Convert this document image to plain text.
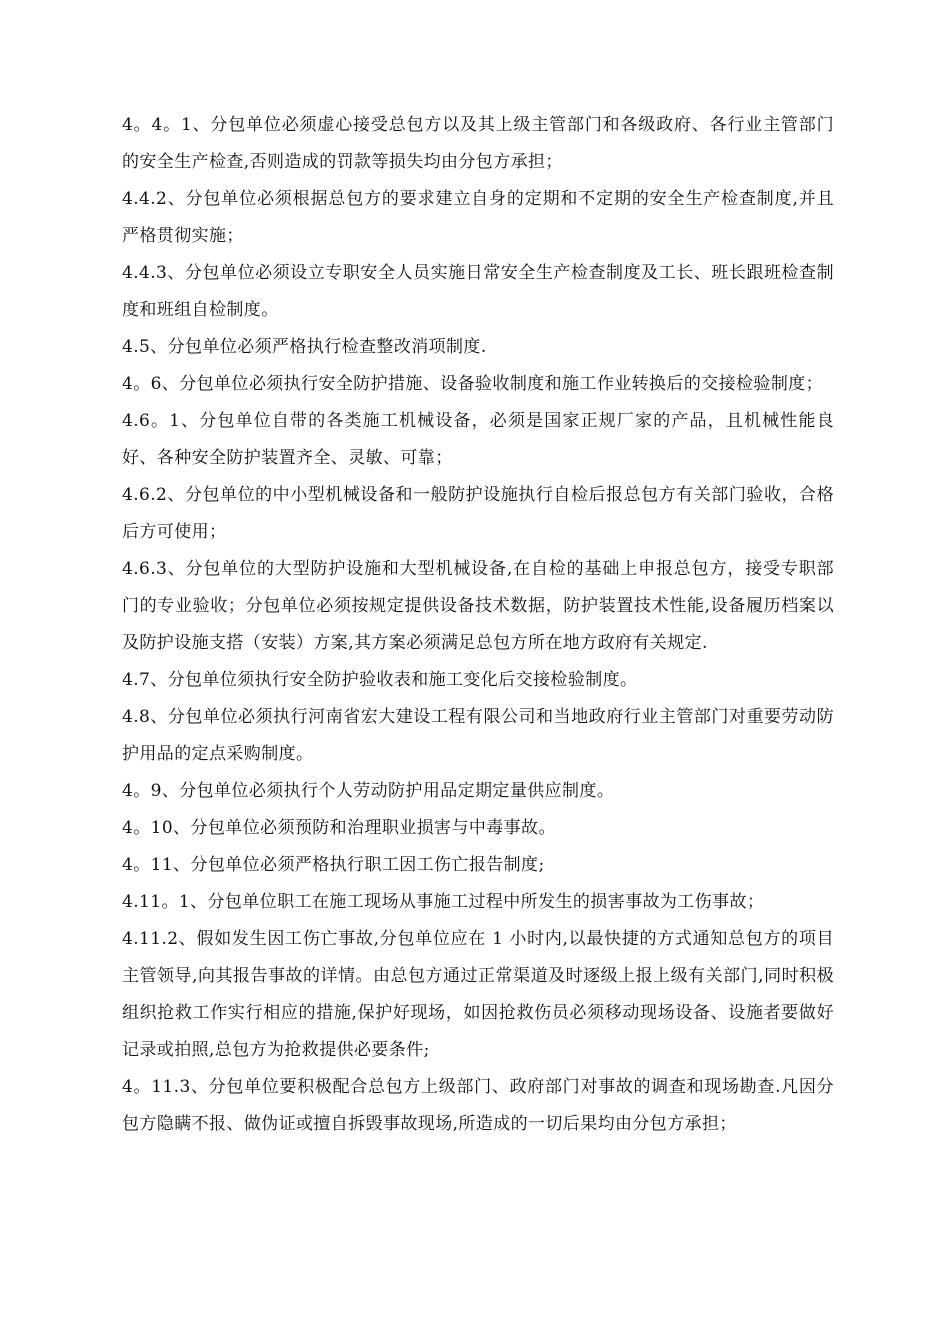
4。4。1、分包单位必须虚心接受总包方以及其上级主管部门和各级政府、各行业主管部门的安全生产检查,否则造成的罚款等损失均由分包方承担；

4.4.2、分包单位必须根据总包方的要求建立自身的定期和不定期的安全生产检查制度,并且严格贯彻实施；

4.4.3、分包单位必须设立专职安全人员实施日常安全生产检查制度及工长、班长跟班检查制度和班组自检制度。

4.5、分包单位必须严格执行检查整改消项制度.

4。6、分包单位必须执行安全防护措施、设备验收制度和施工作业转换后的交接检验制度；

4.6。1、分包单位自带的各类施工机械设备，必须是国家正规厂家的产品，且机械性能良好、各种安全防护装置齐全、灵敏、可靠；

4.6.2、分包单位的中小型机械设备和一般防护设施执行自检后报总包方有关部门验收，合格后方可使用；

4.6.3、分包单位的大型防护设施和大型机械设备,在自检的基础上申报总包方，接受专职部门的专业验收；分包单位必须按规定提供设备技术数据，防护装置技术性能,设备履历档案以及防护设施支搭（安装）方案,其方案必须满足总包方所在地方政府有关规定.

4.7、分包单位须执行安全防护验收表和施工变化后交接检验制度。

4.8、分包单位必须执行河南省宏大建设工程有限公司和当地政府行业主管部门对重要劳动防护用品的定点采购制度。

4。9、分包单位必须执行个人劳动防护用品定期定量供应制度。

4。10、分包单位必须预防和治理职业损害与中毒事故。

4。11、分包单位必须严格执行职工因工伤亡报告制度;

4.11。1、分包单位职工在施工现场从事施工过程中所发生的损害事故为工伤事故；

4.11.2、假如发生因工伤亡事故,分包单位应在 1 小时内,以最快捷的方式通知总包方的项目主管领导,向其报告事故的详情。由总包方通过正常渠道及时逐级上报上级有关部门,同时积极组织抢救工作实行相应的措施,保护好现场，如因抢救伤员必须移动现场设备、设施者要做好记录或拍照,总包方为抢救提供必要条件;

4。11.3、分包单位要积极配合总包方上级部门、政府部门对事故的调查和现场勘查.凡因分包方隐瞒不报、做伪证或擅自拆毁事故现场,所造成的一切后果均由分包方承担；
